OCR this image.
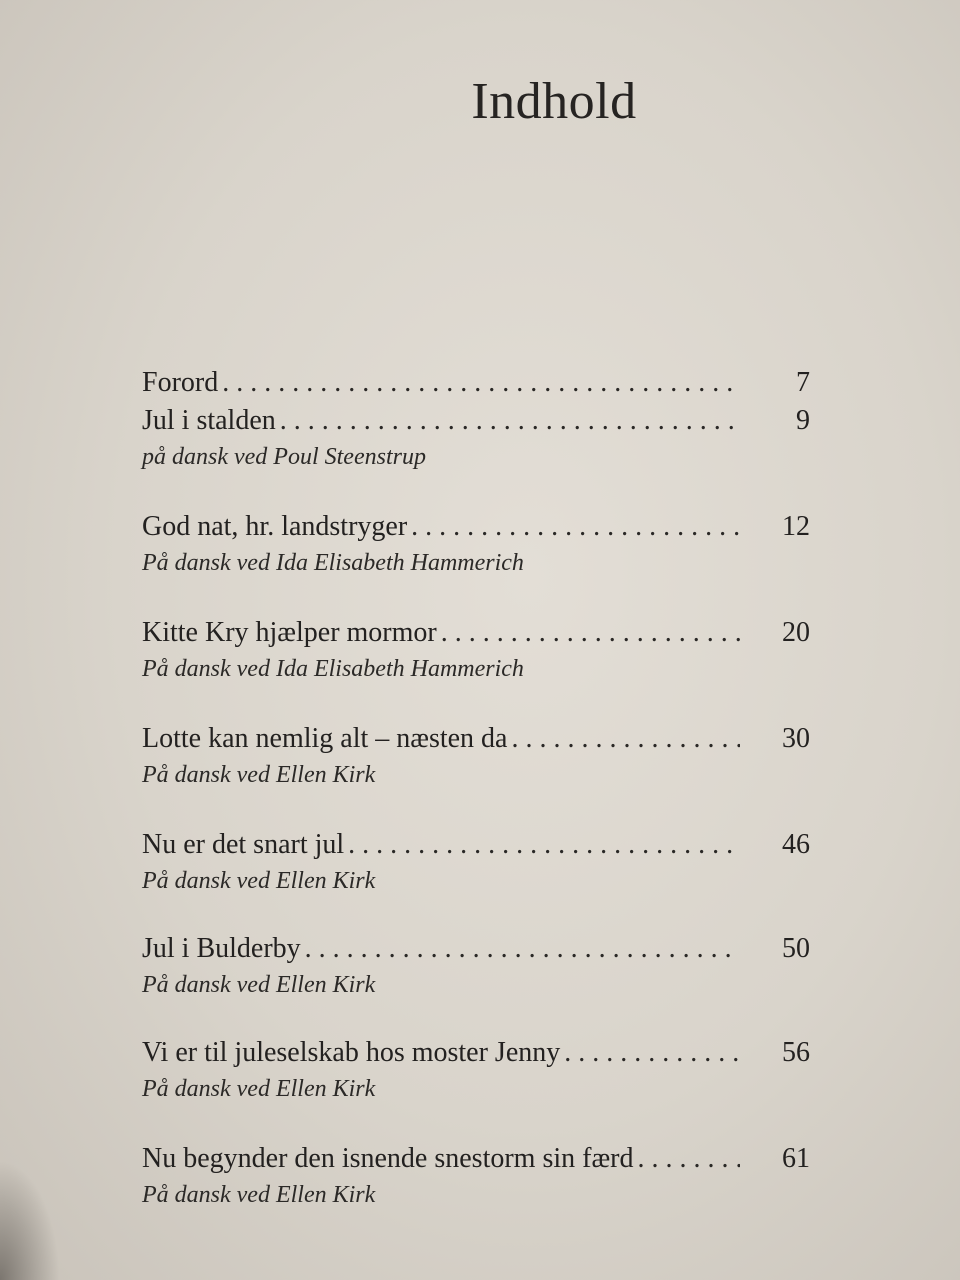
Indhold
Forord . . .	7
Jul i stalden . . .	9
på dansk ved Poul Steenstrup
God nat, hr. landstryger . . .	12
På dansk ved Ida Elisabeth Hammerich
Kitte Kry hjælper mormor . . .	20
På dansk ved Ida Elisabeth Hammerich
Lotte kan nemlig alt – næsten da . . .	30
På dansk ved Ellen Kirk
Nu er det snart jul . . .	46
På dansk ved Ellen Kirk
Jul i Bulderby . . .	50
På dansk ved Ellen Kirk
Vi er til juleselskab hos moster Jenny . . .	56
På dansk ved Ellen Kirk
Nu begynder den isnende snestorm sin færd . . .	61
På dansk ved Ellen Kirk
